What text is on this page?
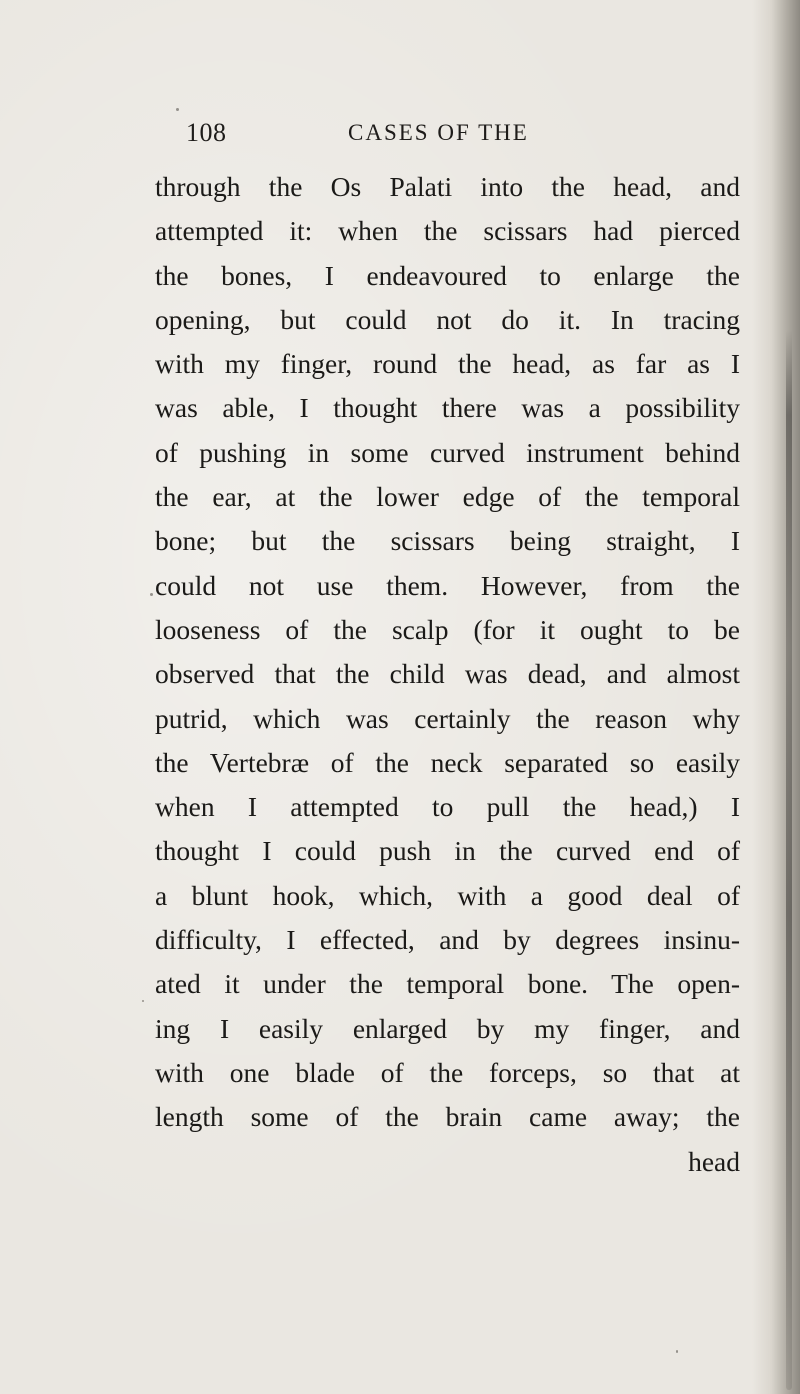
108	CASES OF THE
through the Os Palati into the head, and
attempted it: when the scissars had pierced
the bones, I endeavoured to enlarge the
opening, but could not do it. In tracing
with my finger, round the head, as far as I
was able, I thought there was a possibility
of pushing in some curved instrument behind
the ear, at the lower edge of the temporal
bone; but the scissars being straight, I
could not use them. However, from the
looseness of the scalp (for it ought to be
observed that the child was dead, and almost
putrid, which was certainly the reason why
the Vertebræ of the neck separated so easily
when I attempted to pull the head,) I
thought I could push in the curved end of
a blunt hook, which, with a good deal of
difficulty, I effected, and by degrees insinu-
ated it under the temporal bone. The open-
ing I easily enlarged by my finger, and
with one blade of the forceps, so that at
length some of the brain came away; the
head
